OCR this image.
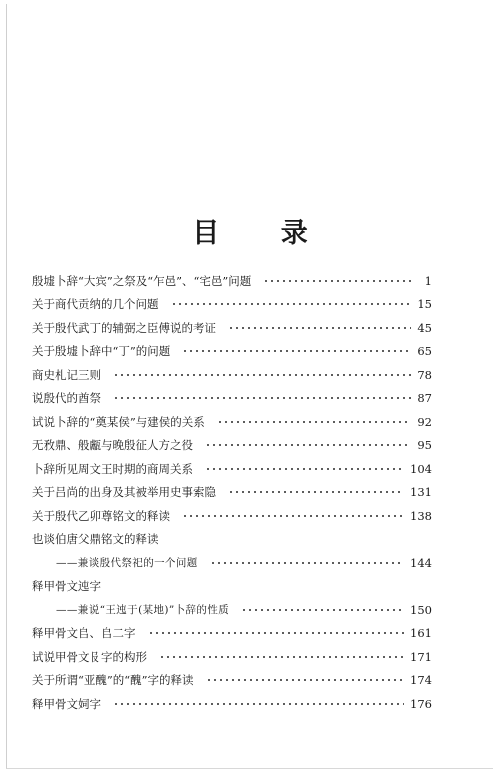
目 录
殷墟卜辞“大宾”之祭及“乍邑”、“宅邑”问题	1
关于商代贡纳的几个问题	15
关于殷代武丁的辅弼之臣傅说的考证	45
关于殷墟卜辞中“丁”的问题	65
商史札记三则	78
说殷代的酋祭	87
试说卜辞的“奠某侯”与建侯的关系	92
无敄鼎、般甗与晚殷征人方之役	95
卜辞所见周文王时期的商周关系	104
关于吕尚的出身及其被举用史事索隐	131
关于殷代乙卯尊铭文的释读	138
也谈伯唐父鼎铭文的释读
——兼谈殷代祭祀的一个问题	144
释甲骨文迍字
——兼说“王迍于(某地)”卜辞的性质	150
释甲骨文𠂤、𠂤二字	161
试说甲骨文𠬝字的构形	171
关于所谓“亚醜”的“醜”字的释读	174
释甲骨文㚸字	176
